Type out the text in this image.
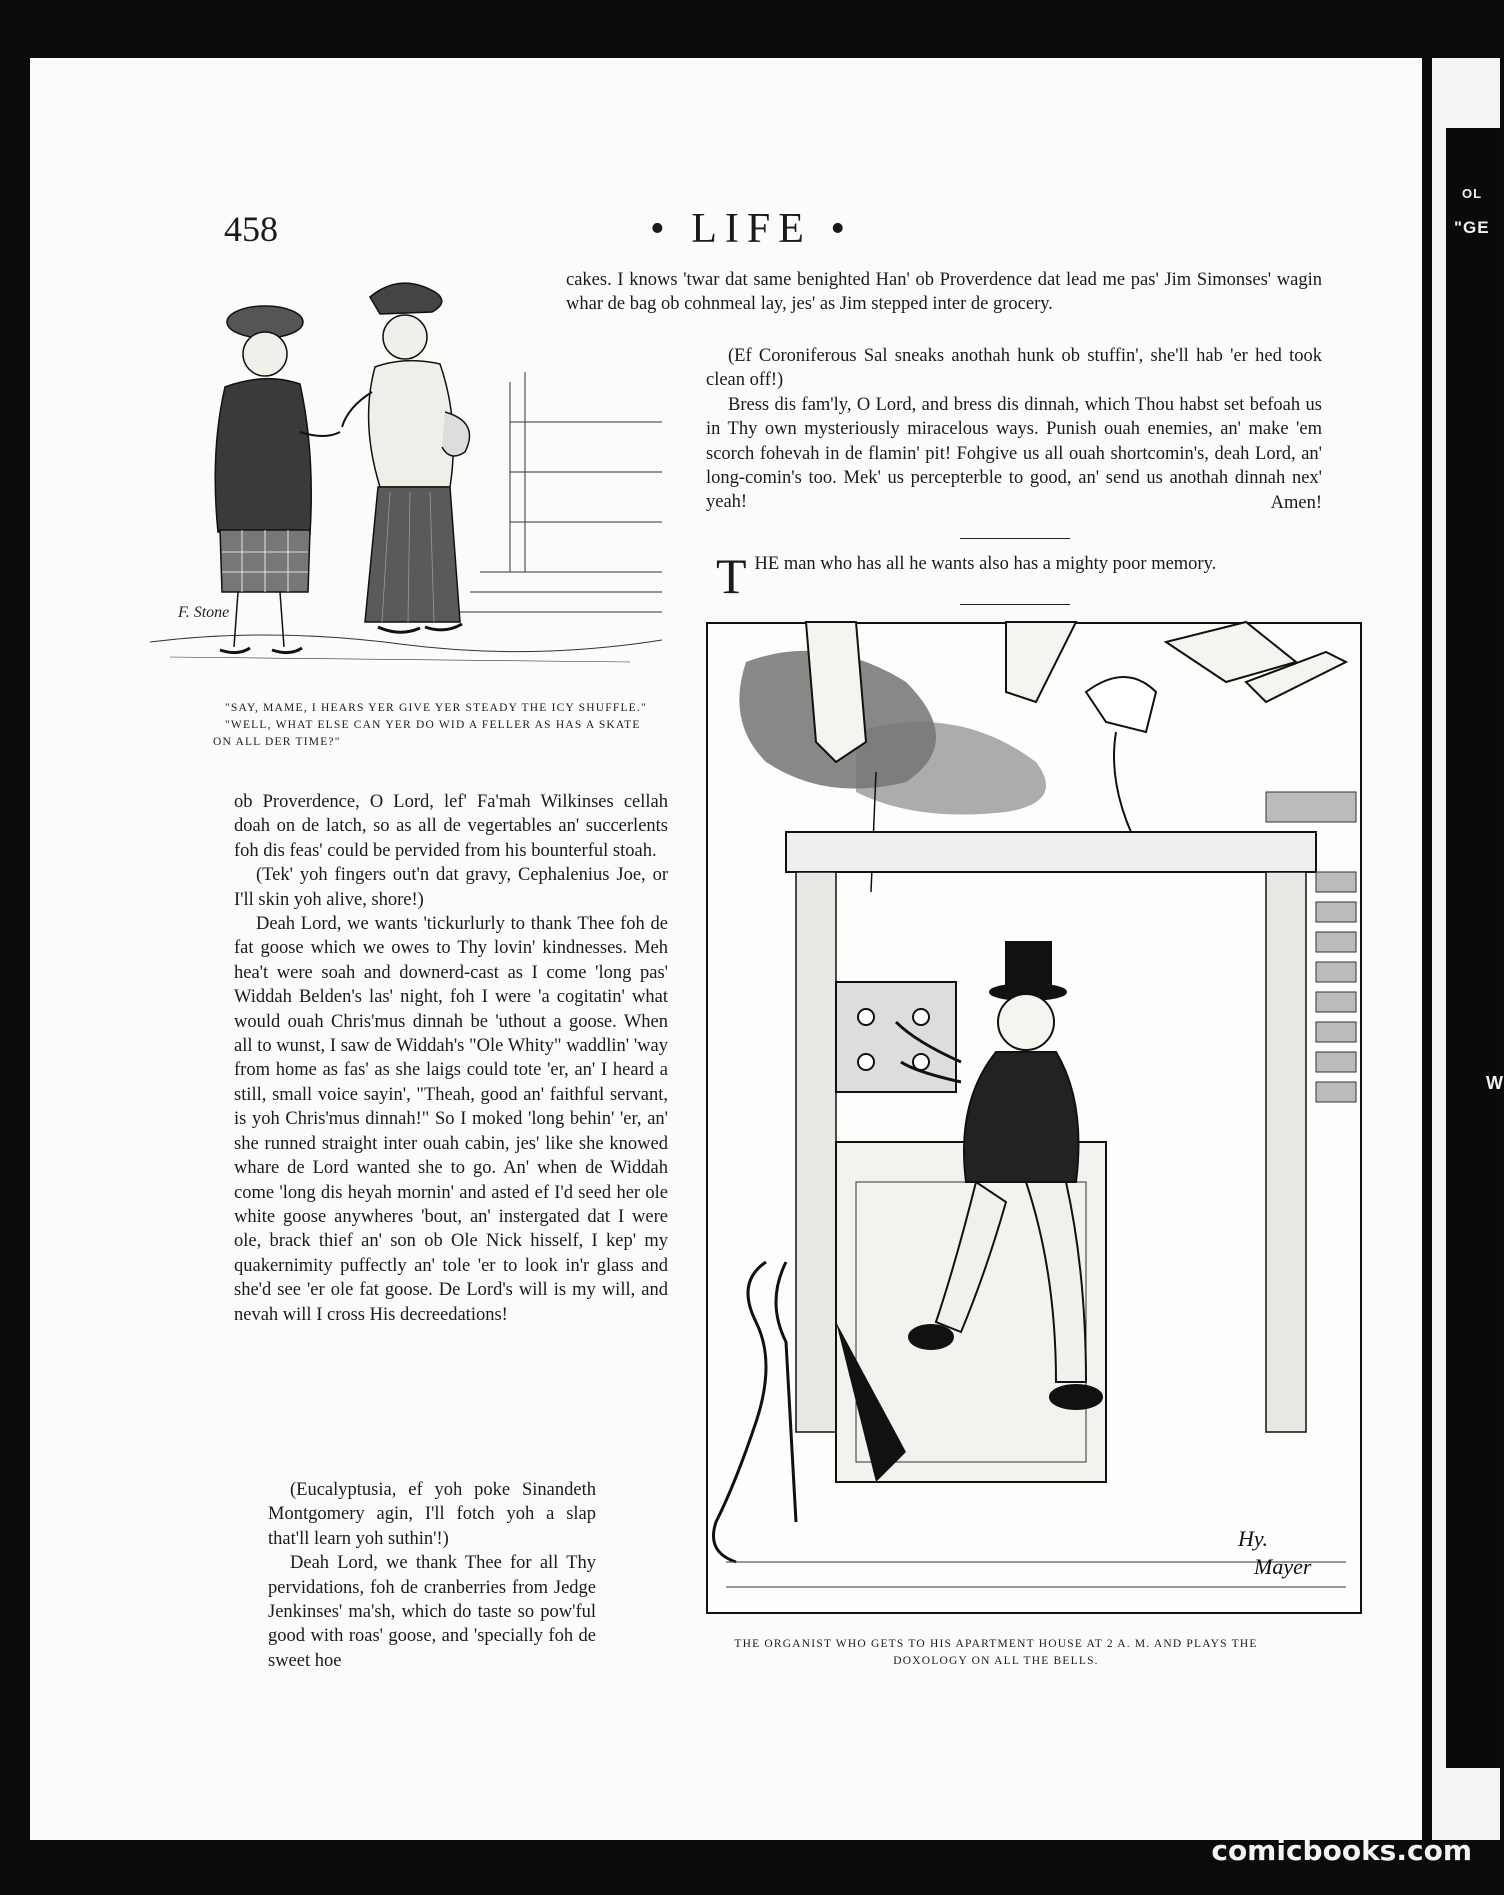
OL
"GE
W
458	• LIFE •
F. Stone
"SAY, MAME, I HEARS YER GIVE YER STEADY THE ICY SHUFFLE."
"WELL, WHAT ELSE CAN YER DO WID A FELLER AS HAS A SKATE ON ALL DER TIME?"

cakes. I knows 'twar dat same benighted Han' ob Proverdence dat lead me pas' Jim Simonses' wagin whar de bag ob cohnmeal lay, jes' as Jim stepped inter de grocery.

(Ef Coroniferous Sal sneaks anothah hunk ob stuffin', she'll hab 'er hed took clean off!)

Bress dis fam'ly, O Lord, and bress dis dinnah, which Thou habst set befoah us in Thy own mysteriously miracelous ways. Punish ouah enemies, an' make 'em scorch fohevah in de flamin' pit! Fohgive us all ouah shortcomin's, deah Lord, an' long-comin's too. Mek' us percepterble to good, an' send us anothah dinnah nex' yeah!	Amen!

T HE man who has all he wants also has a mighty poor memory.

ob Proverdence, O Lord, lef' Fa'mah Wilkinses cellah doah on de latch, so as all de vegertables an' succerlents foh dis feas' could be pervided from his bounterful stoah.

(Tek' yoh fingers out'n dat gravy, Cephalenius Joe, or I'll skin yoh alive, shore!)

Deah Lord, we wants 'tickurlurly to thank Thee foh de fat goose which we owes to Thy lovin' kindnesses. Meh hea't were soah and downerd-cast as I come 'long pas' Widdah Belden's las' night, foh I were 'a cogitatin' what would ouah Chris'mus dinnah be 'uthout a goose. When all to wunst, I saw de Widdah's "Ole Whity" waddlin' 'way from home as fas' as she laigs could tote 'er, an' I heard a still, small voice sayin', "Theah, good an' faithful servant, is yoh Chris'mus dinnah!" So I moked 'long behin' 'er, an' she runned straight inter ouah cabin, jes' like she knowed whare de Lord wanted she to go. An' when de Widdah come 'long dis heyah mornin' and asted ef I'd seed her ole white goose anywheres 'bout, an' instergated dat I were ole, brack thief an' son ob Ole Nick hisself, I kep' my quakernimity puffectly an' tole 'er to look in'r glass and she'd see 'er ole fat goose. De Lord's will is my will, and nevah will I cross His decreedations!

(Eucalyptusia, ef yoh poke Sinandeth Montgomery agin, I'll fotch yoh a slap that'll learn yoh suthin'!)

Deah Lord, we thank Thee for all Thy pervidations, foh de cranberries from Jedge Jenkinses' ma'sh, which do taste so pow'ful good with roas' goose, and 'specially foh de sweet hoe

Hy.
Mayer
THE ORGANIST WHO GETS TO HIS APARTMENT HOUSE AT 2 A. M. AND PLAYS THE
DOXOLOGY ON ALL THE BELLS.
comicbooks.com
